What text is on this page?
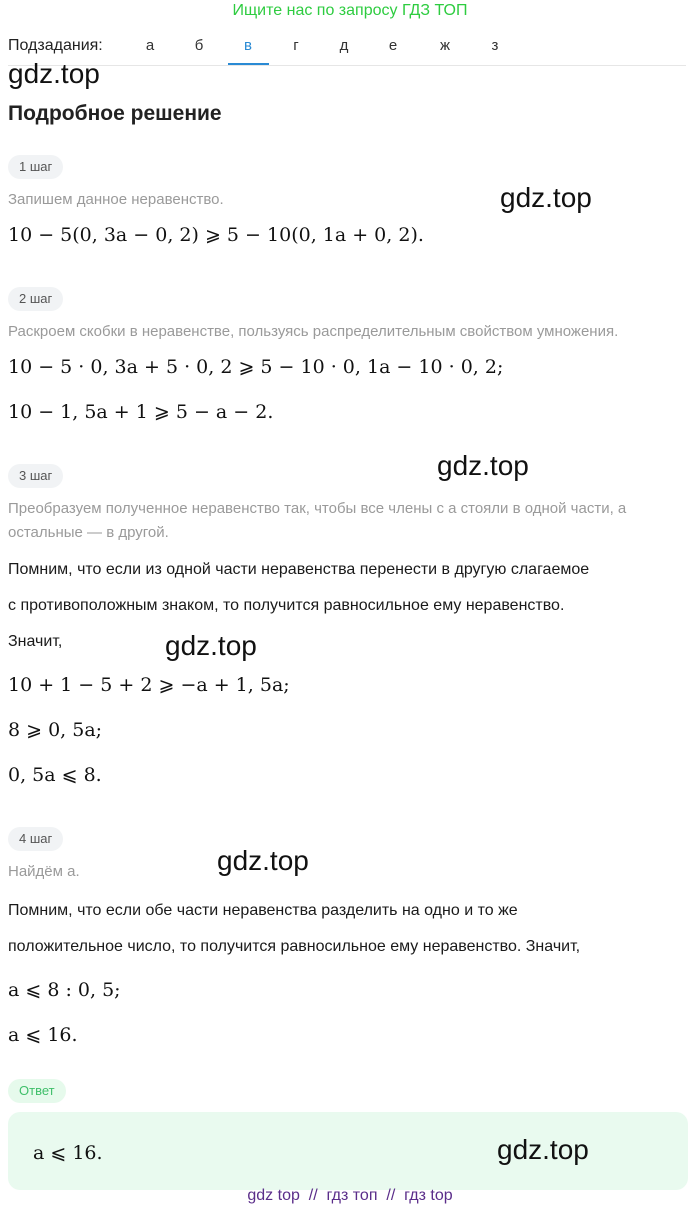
Ищите нас по запросу ГДЗ ТОП
Подзадания:	а	б	в	г	д	е	ж	з
gdz.top
gdz.top
gdz.top
gdz.top
gdz.top
gdz.top
Подробное решение
1 шаг
Запишем данное неравенство.
10 − 5(0, 3a − 0, 2) ⩾ 5 − 10(0, 1a + 0, 2).
2 шаг
Раскроем скобки в неравенстве, пользуясь распределительным свойством умножения.
10 − 5 · 0, 3a + 5 · 0, 2 ⩾ 5 − 10 · 0, 1a − 10 · 0, 2;
10 − 1, 5a + 1 ⩾ 5 − a − 2.
3 шаг
Преобразуем полученное неравенство так, чтобы все члены с a стояли в одной части, а
остальные — в другой.
Помним, что если из одной части неравенства перенести в другую слагаемое
с противоположным знаком, то получится равносильное ему неравенство.
Значит,
10 + 1 − 5 + 2 ⩾ −a + 1, 5a;
8 ⩾ 0, 5a;
0, 5a ⩽ 8.
4 шаг
Найдём a.
Помним, что если обе части неравенства разделить на одно и то же
положительное число, то получится равносильное ему неравенство. Значит,
a ⩽ 8 : 0, 5;
a ⩽ 16.
Ответ
a ⩽ 16.
gdz top  //  гдз топ  //  гдз top
